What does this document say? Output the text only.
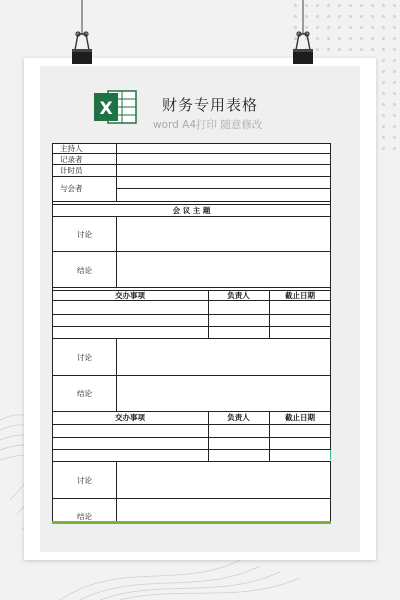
X	财务专用表格
word A4打印 随意修改
主持人
记录者
计时员
与会者
会 议 主 题
讨论
结论
交办事项	负责人	截止日期
讨论
结论
交办事项	负责人	截止日期
讨论
结论
